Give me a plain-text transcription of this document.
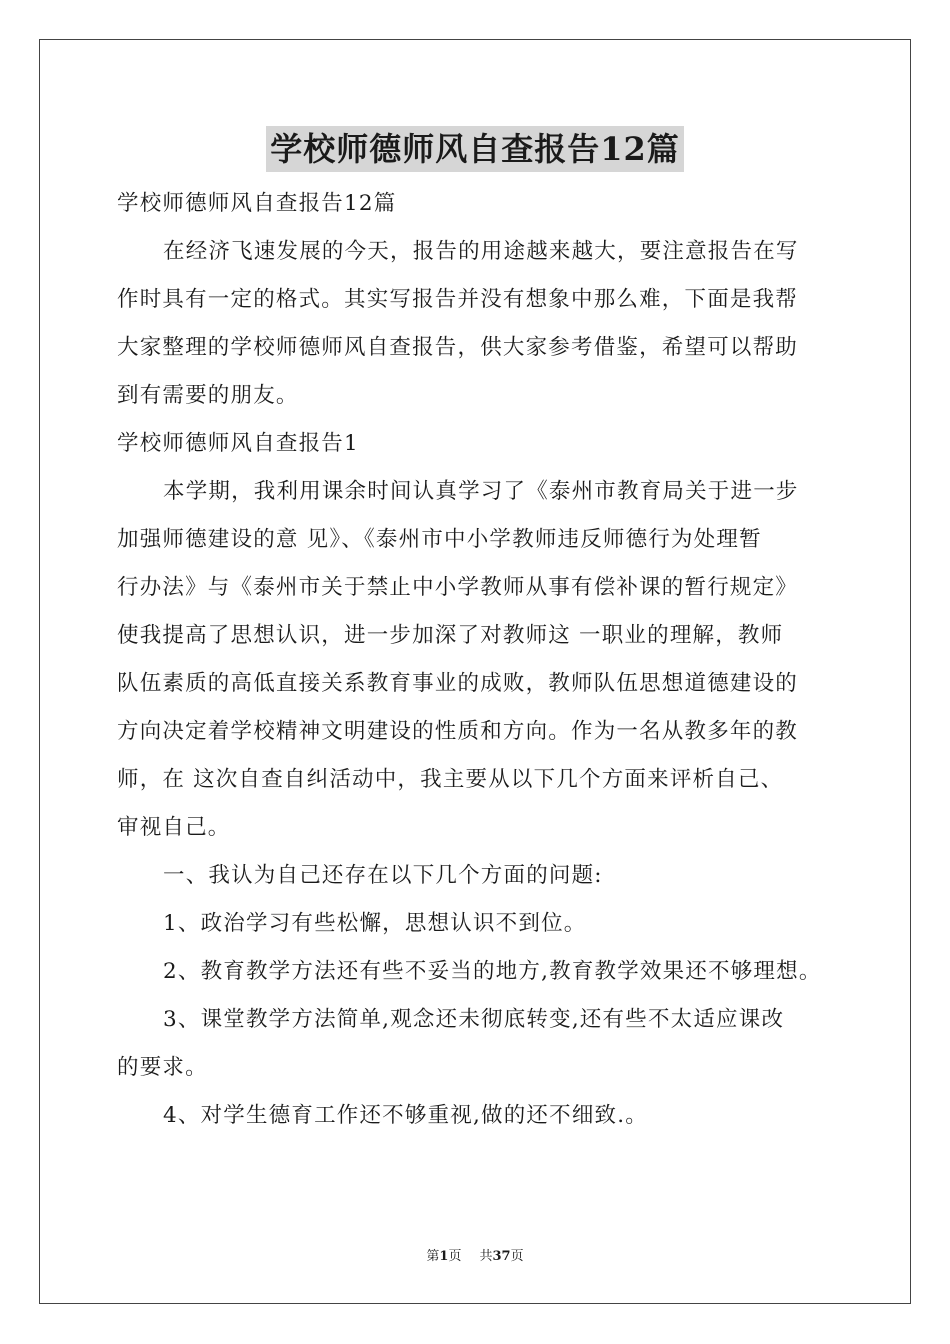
学校师德师风自查报告12篇
学校师德师风自查报告12篇
在经济飞速发展的今天，报告的用途越来越大，要注意报告在写
作时具有一定的格式。其实写报告并没有想象中那么难，下面是我帮
大家整理的学校师德师风自查报告，供大家参考借鉴，希望可以帮助
到有需要的朋友。
学校师德师风自查报告1
本学期，我利用课余时间认真学习了《泰州市教育局关于进一步
加强师德建设的意 见》、《泰州市中小学教师违反师德行为处理暂
行办法》与《泰州市关于禁止中小学教师从事有偿补课的暂行规定》
使我提高了思想认识，进一步加深了对教师这 一职业的理解，教师
队伍素质的高低直接关系教育事业的成败，教师队伍思想道德建设的
方向决定着学校精神文明建设的性质和方向。作为一名从教多年的教
师，在 这次自查自纠活动中，我主要从以下几个方面来评析自己、
审视自己。
一、我认为自己还存在以下几个方面的问题:
1、政治学习有些松懈，思想认识不到位。
2、教育教学方法还有些不妥当的地方,教育教学效果还不够理想。
3、课堂教学方法简单,观念还未彻底转变,还有些不太适应课改
的要求。
4、对学生德育工作还不够重视,做的还不细致.。
第1页 共37页
